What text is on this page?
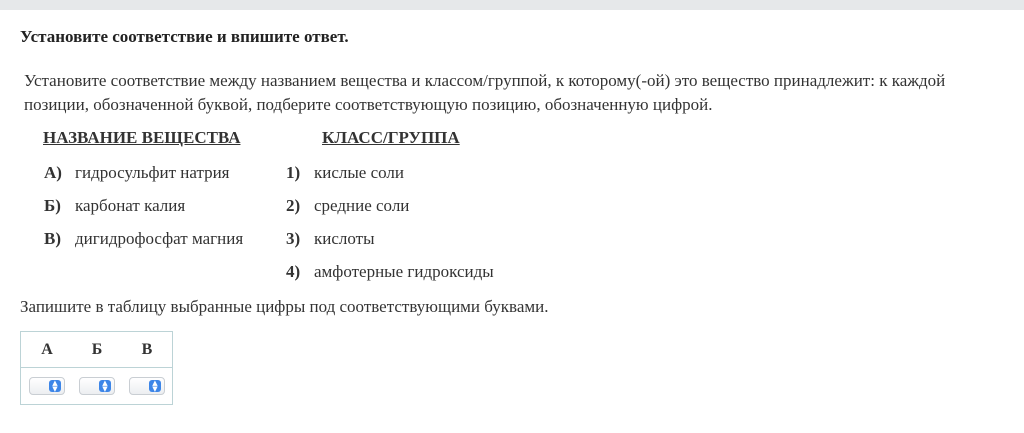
Установите соответствие и впишите ответ.
Установите соответствие между названием вещества и классом/группой, к которому(-ой) это вещество принадлежит: к каждой позиции, обозначенной буквой, подберите соответствующую позицию, обозначенную цифрой.
НАЗВАНИЕ ВЕЩЕСТВА	КЛАСС/ГРУППА
А) гидросульфит натрия
Б) карбонат калия
В) дигидрофосфат магния
1) кислые соли
2) средние соли
3) кислоты
4) амфотерные гидроксиды
Запишите в таблицу выбранные цифры под соответствующими буквами.
А	Б	В
▲
▼
▲
▼
▲
▼
